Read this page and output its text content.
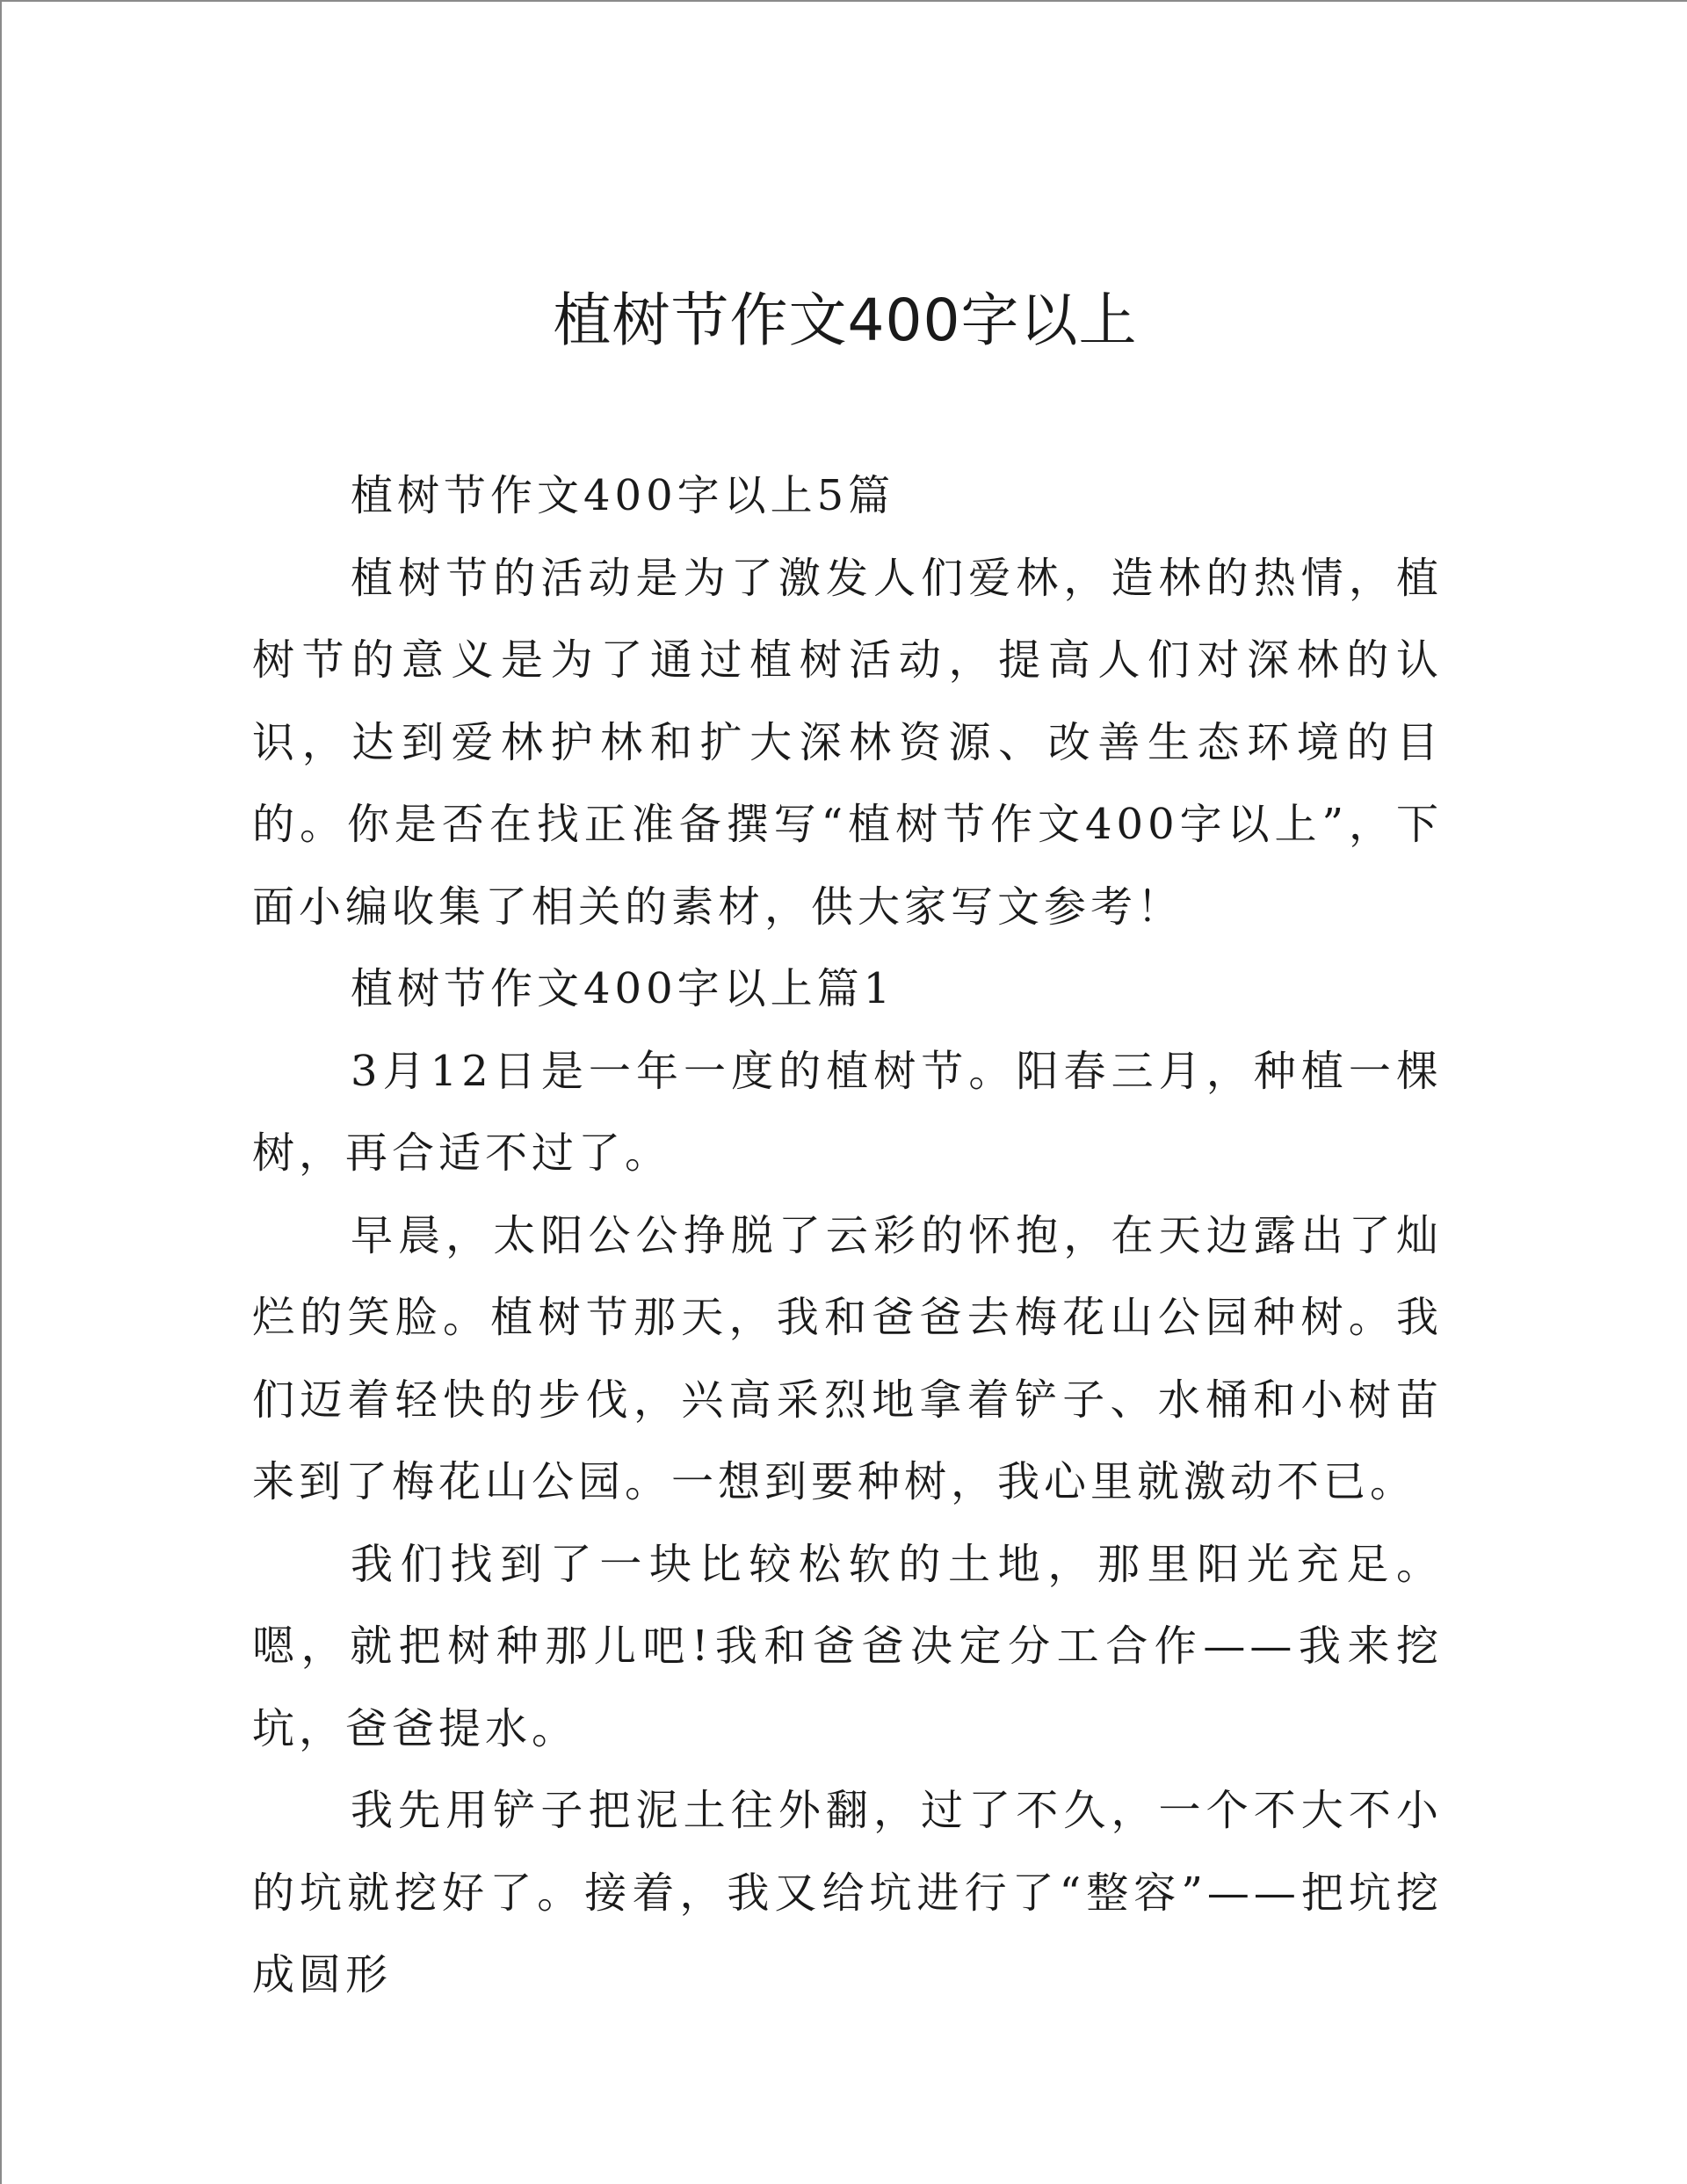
植树节作文400字以上

植树节作文400字以上5篇

植树节的活动是为了激发人们爱林，造林的热情，植树节的意义是为了通过植树活动，提高人们对深林的认识，达到爱林护林和扩大深林资源、改善生态环境的目的。你是否在找正准备撰写“植树节作文400字以上”，下面小编收集了相关的素材，供大家写文参考！

植树节作文400字以上篇1

3月12日是一年一度的植树节。阳春三月，种植一棵树，再合适不过了。

早晨，太阳公公挣脱了云彩的怀抱，在天边露出了灿烂的笑脸。植树节那天，我和爸爸去梅花山公园种树。我们迈着轻快的步伐，兴高采烈地拿着铲子、水桶和小树苗来到了梅花山公园。一想到要种树，我心里就激动不已。

我们找到了一块比较松软的土地，那里阳光充足。嗯，就把树种那儿吧!我和爸爸决定分工合作——我来挖坑，爸爸提水。

我先用铲子把泥土往外翻，过了不久，一个不大不小的坑就挖好了。接着，我又给坑进行了“整容”——把坑挖成圆形
